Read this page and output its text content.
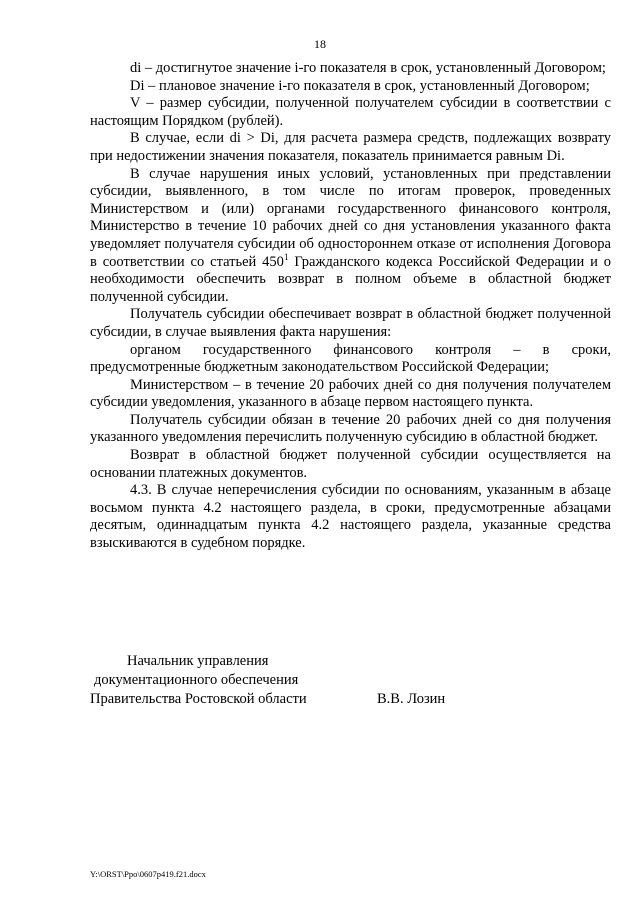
18

di – достигнутое значение i-го показателя в срок, установленный Договором;

Di – плановое значение i-го показателя в срок, установленный Договором;

V – размер субсидии, полученной получателем субсидии в соответствии с настоящим Порядком (рублей).

В случае, если di > Di, для расчета размера средств, подлежащих возврату при недостижении значения показателя, показатель принимается равным Di.

В случае нарушения иных условий, установленных при представлении субсидии, выявленного, в том числе по итогам проверок, проведенных Министерством и (или) органами государственного финансового контроля, Министерство в течение 10 рабочих дней со дня установления указанного факта уведомляет получателя субсидии об одностороннем отказе от исполнения Договора в соответствии со статьей $450^1$ Гражданского кодекса Российской Федерации и о необходимости обеспечить возврат в полном объеме в областной бюджет полученной субсидии.

Получатель субсидии обеспечивает возврат в областной бюджет полученной субсидии, в случае выявления факта нарушения:

органом государственного финансового контроля – в сроки, предусмотренные бюджетным законодательством Российской Федерации;

Министерством – в течение 20 рабочих дней со дня получения получателем субсидии уведомления, указанного в абзаце первом настоящего пункта.

Получатель субсидии обязан в течение 20 рабочих дней со дня получения указанного уведомления перечислить полученную субсидию в областной бюджет.

Возврат в областной бюджет полученной субсидии осуществляется на основании платежных документов.

4.3. В случае неперечисления субсидии по основаниям, указанным в абзаце восьмом пункта 4.2 настоящего раздела, в сроки, предусмотренные абзацами десятым, одиннадцатым пункта 4.2 настоящего раздела, указанные средства взыскиваются в судебном порядке.

Начальник управления
документационного обеспечения
Правительства Ростовской области	В.В. Лозин
Y:\ORST\Ppo\0607p419.f21.docx
